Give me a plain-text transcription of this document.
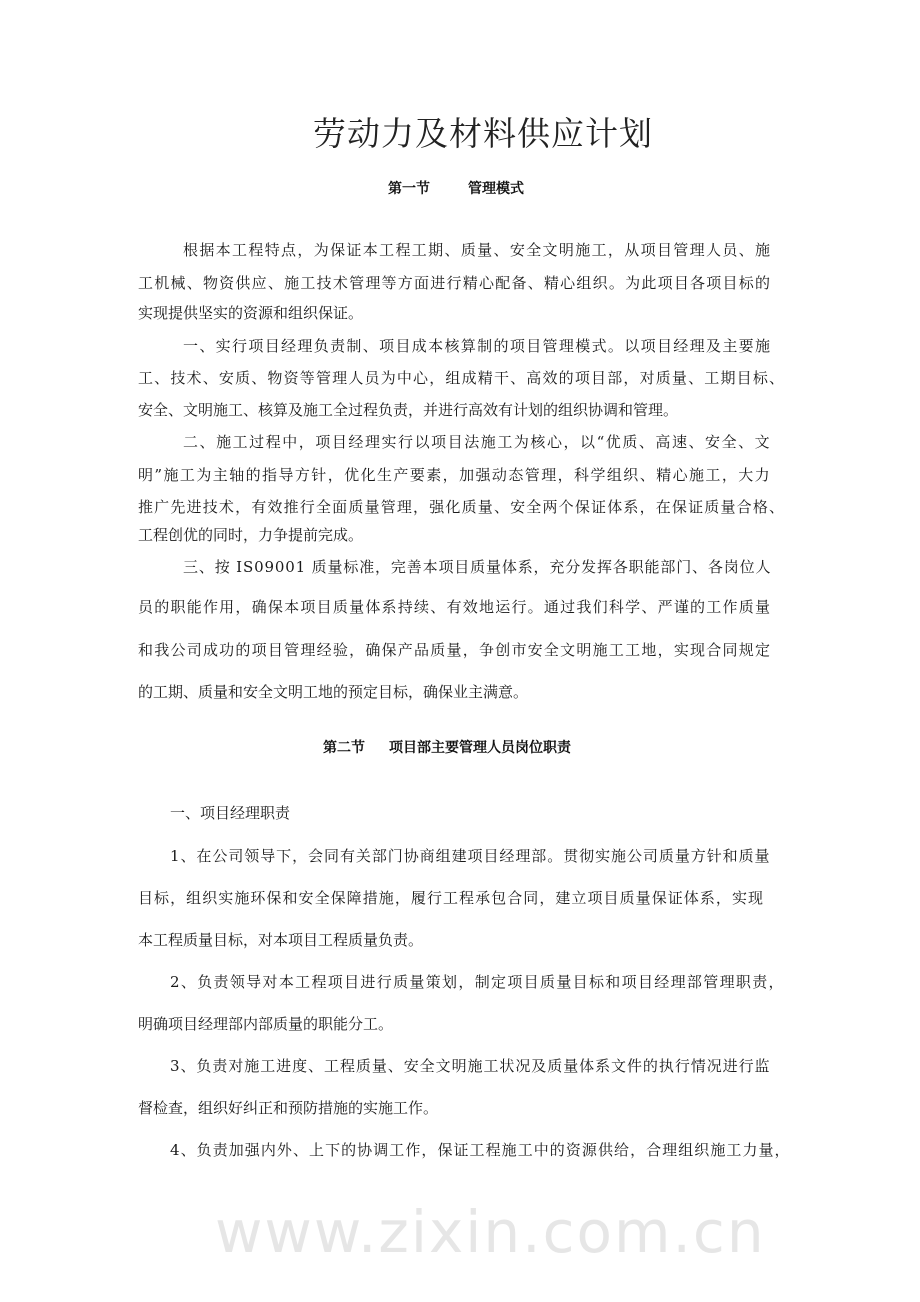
劳动力及材料供应计划
第一节	管理模式
根据本工程特点，为保证本工程工期、质量、安全文明施工，从项目管理人员、施
工机械、物资供应、施工技术管理等方面进行精心配备、精心组织。为此项目各项目标的
实现提供坚实的资源和组织保证。
一、实行项目经理负责制、项目成本核算制的项目管理模式。以项目经理及主要施
工、技术、安质、物资等管理人员为中心，组成精干、高效的项目部，对质量、工期目标、
安全、文明施工、核算及施工全过程负责，并进行高效有计划的组织协调和管理。
二、施工过程中，项目经理实行以项目法施工为核心，以“优质、高速、安全、文
明”施工为主轴的指导方针，优化生产要素，加强动态管理，科学组织、精心施工，大力
推广先进技术，有效推行全面质量管理，强化质量、安全两个保证体系，在保证质量合格、
工程创优的同时，力争提前完成。
三、按 IS09001 质量标准，完善本项目质量体系，充分发挥各职能部门、各岗位人
员的职能作用，确保本项目质量体系持续、有效地运行。通过我们科学、严谨的工作质量
和我公司成功的项目管理经验，确保产品质量，争创市安全文明施工工地，实现合同规定
的工期、质量和安全文明工地的预定目标，确保业主满意。
第二节 项目部主要管理人员岗位职责
一、项目经理职责
1、在公司领导下，会同有关部门协商组建项目经理部。贯彻实施公司质量方针和质量
目标，组织实施环保和安全保障措施，履行工程承包合同，建立项目质量保证体系，实现
本工程质量目标，对本项目工程质量负责。
2、负责领导对本工程项目进行质量策划，制定项目质量目标和项目经理部管理职责，
明确项目经理部内部质量的职能分工。
3、负责对施工进度、工程质量、安全文明施工状况及质量体系文件的执行情况进行监
督检查，组织好纠正和预防措施的实施工作。
4、负责加强内外、上下的协调工作，保证工程施工中的资源供给，合理组织施工力量，
www.zixin.com.cn
